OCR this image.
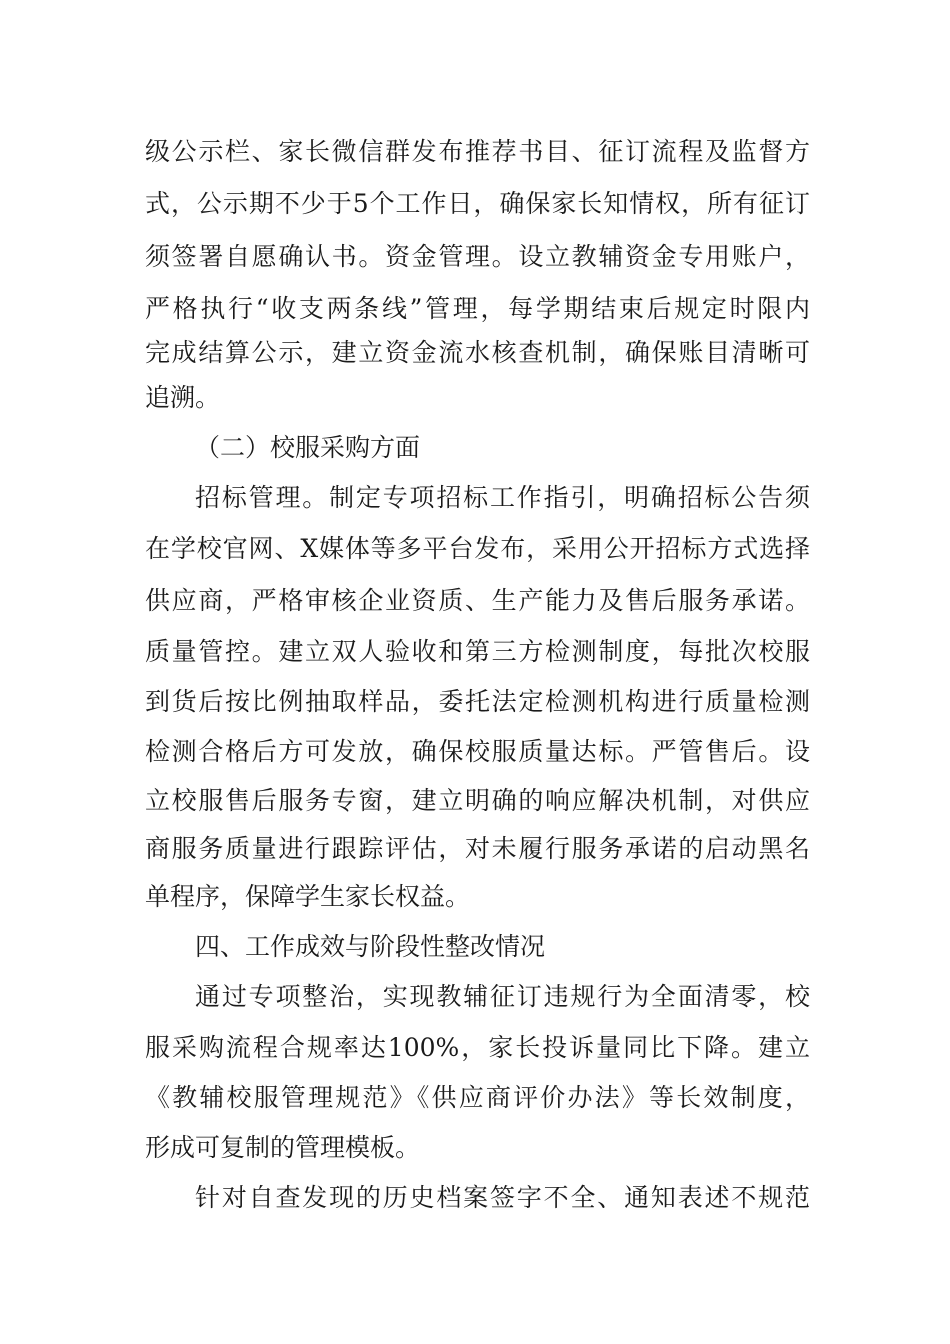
级公示栏、家长微信群发布推荐书目、征订流程及监督方
式，公示期不少于5个工作日，确保家长知情权，所有征订
须签署自愿确认书。资金管理。设立教辅资金专用账户，
严格执行“收支两条线”管理，每学期结束后规定时限内
完成结算公示，建立资金流水核查机制，确保账目清晰可
追溯。
（二）校服采购方面
招标管理。制定专项招标工作指引，明确招标公告须
在学校官网、X媒体等多平台发布，采用公开招标方式选择
供应商，严格审核企业资质、生产能力及售后服务承诺。
质量管控。建立双人验收和第三方检测制度，每批次校服
到货后按比例抽取样品，委托法定检测机构进行质量检测
检测合格后方可发放，确保校服质量达标。严管售后。设
立校服售后服务专窗，建立明确的响应解决机制，对供应
商服务质量进行跟踪评估，对未履行服务承诺的启动黑名
单程序，保障学生家长权益。
四、工作成效与阶段性整改情况
通过专项整治，实现教辅征订违规行为全面清零，校
服采购流程合规率达100%，家长投诉量同比下降。建立
《教辅校服管理规范》《供应商评价办法》等长效制度，
形成可复制的管理模板。
针对自查发现的历史档案签字不全、通知表述不规范
